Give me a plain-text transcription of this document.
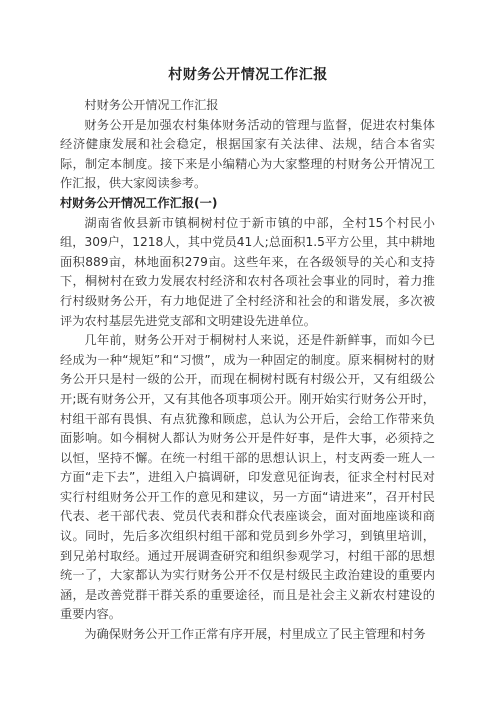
村财务公开情况工作汇报

村财务公开情况工作汇报

财务公开是加强农村集体财务活动的管理与监督，促进农村集体经济健康发展和社会稳定，根据国家有关法律、法规，结合本省实际，制定本制度。接下来是小编精心为大家整理的村财务公开情况工作汇报，供大家阅读参考。

村财务公开情况工作汇报(一)

湖南省攸县新市镇桐树村位于新市镇的中部，全村15个村民小组，309户，1218人，其中党员41人;总面积1.5平方公里，其中耕地面积889亩，林地面积279亩。这些年来，在各级领导的关心和支持下，桐树村在致力发展农村经济和农村各项社会事业的同时，着力推行村级财务公开，有力地促进了全村经济和社会的和谐发展，多次被评为农村基层先进党支部和文明建设先进单位。

几年前，财务公开对于桐树村人来说，还是件新鲜事，而如今已经成为一种“规矩”和“习惯”，成为一种固定的制度。原来桐树村的财务公开只是村一级的公开，而现在桐树村既有村级公开，又有组级公开;既有财务公开，又有其他各项事项公开。刚开始实行财务公开时，村组干部有畏惧、有点犹豫和顾虑，总认为公开后，会给工作带来负面影响。如今桐树人都认为财务公开是件好事，是件大事，必须持之以恒，坚持不懈。在统一村组干部的思想认识上，村支两委一班人一方面“走下去”，进组入户搞调研，印发意见征询表，征求全村村民对实行村组财务公开工作的意见和建议，另一方面“请进来”，召开村民代表、老干部代表、党员代表和群众代表座谈会，面对面地座谈和商议。同时，先后多次组织村组干部和党员到乡外学习，到镇里培训，到兄弟村取经。通过开展调查研究和组织参观学习，村组干部的思想统一了，大家都认为实行财务公开不仅是村级民主政治建设的重要内涵，是改善党群干群关系的重要途径，而且是社会主义新农村建设的重要内容。

为确保财务公开工作正常有序开展，村里成立了民主管理和村务
